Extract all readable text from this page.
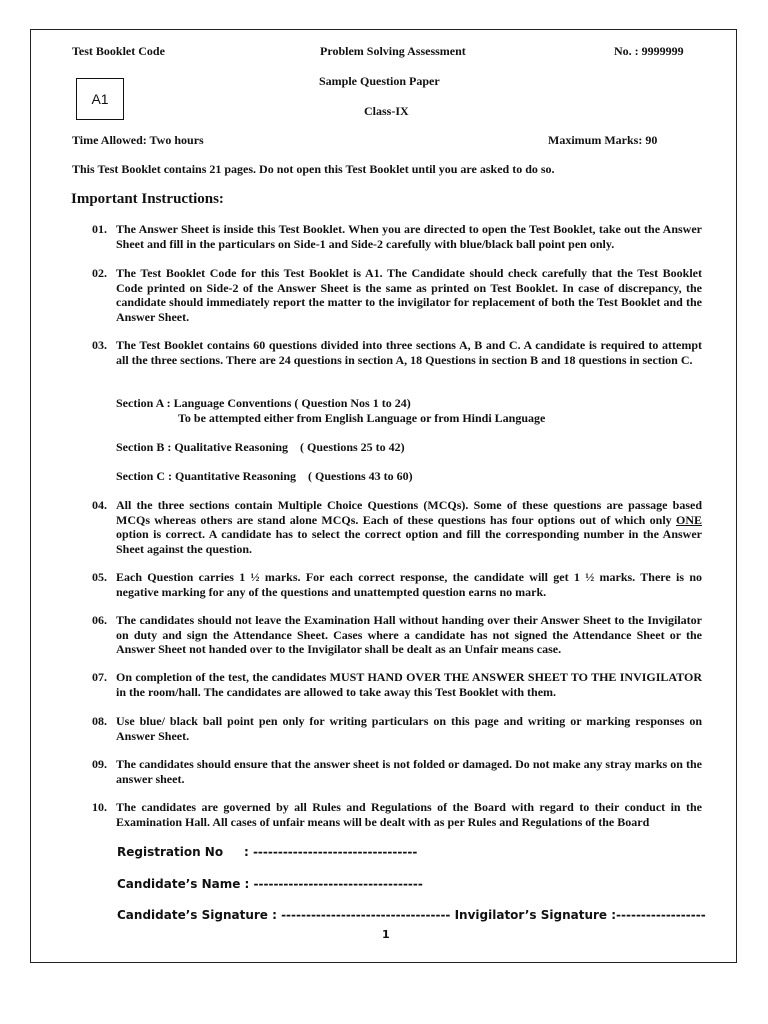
Test Booklet Code	Problem Solving Assessment	No. : 9999999
Sample Question Paper
Class-IX
A1
Time Allowed: Two hours	Maximum Marks: 90
This Test Booklet contains 21 pages. Do not open this Test Booklet until you are asked to do so.
Important Instructions:
01. The Answer Sheet is inside this Test Booklet. When you are directed to open the Test Booklet, take out the Answer Sheet and fill in the particulars on Side-1 and Side-2 carefully with blue/black ball point pen only.
02. The Test Booklet Code for this Test Booklet is A1. The Candidate should check carefully that the Test Booklet Code printed on Side-2 of the Answer Sheet is the same as printed on Test Booklet. In case of discrepancy, the candidate should immediately report the matter to the invigilator for replacement of both the Test Booklet and the Answer Sheet.
03. The Test Booklet contains 60 questions divided into three sections A, B and C. A candidate is required to attempt all the three sections. There are 24 questions in section A, 18 Questions in section B and 18 questions in section C.
Section A : Language Conventions ( Question Nos 1 to 24)
To be attempted either from English Language or from Hindi Language
Section B : Qualitative Reasoning    ( Questions 25 to 42)
Section C : Quantitative Reasoning    ( Questions 43 to 60)
04. All the three sections contain Multiple Choice Questions (MCQs). Some of these questions are passage based MCQs whereas others are stand alone MCQs. Each of these questions has four options out of which only ONE option is correct. A candidate has to select the correct option and fill the corresponding number in the Answer Sheet against the question.
05. Each Question carries 1 ½ marks. For each correct response, the candidate will get 1 ½ marks. There is no negative marking for any of the questions and unattempted question earns no mark.
06. The candidates should not leave the Examination Hall without handing over their Answer Sheet to the Invigilator on duty and sign the Attendance Sheet. Cases where a candidate has not signed the Attendance Sheet or the Answer Sheet not handed over to the Invigilator shall be dealt as an Unfair means case.
07. On completion of the test, the candidates MUST HAND OVER THE ANSWER SHEET TO THE INVIGILATOR in the room/hall. The candidates are allowed to take away this Test Booklet with them.
08. Use blue/ black ball point pen only for writing particulars on this page and writing or marking responses on Answer Sheet.
09. The candidates should ensure that the answer sheet is not folded or damaged. Do not make any stray marks on the answer sheet.
10. The candidates are governed by all Rules and Regulations of the Board with regard to their conduct in the Examination Hall. All cases of unfair means will be dealt with as per Rules and Regulations of the Board
Registration No     : ---------------------------------
Candidate’s Name : ----------------------------------
Candidate’s Signature : ---------------------------------- Invigilator’s Signature :------------------
1
